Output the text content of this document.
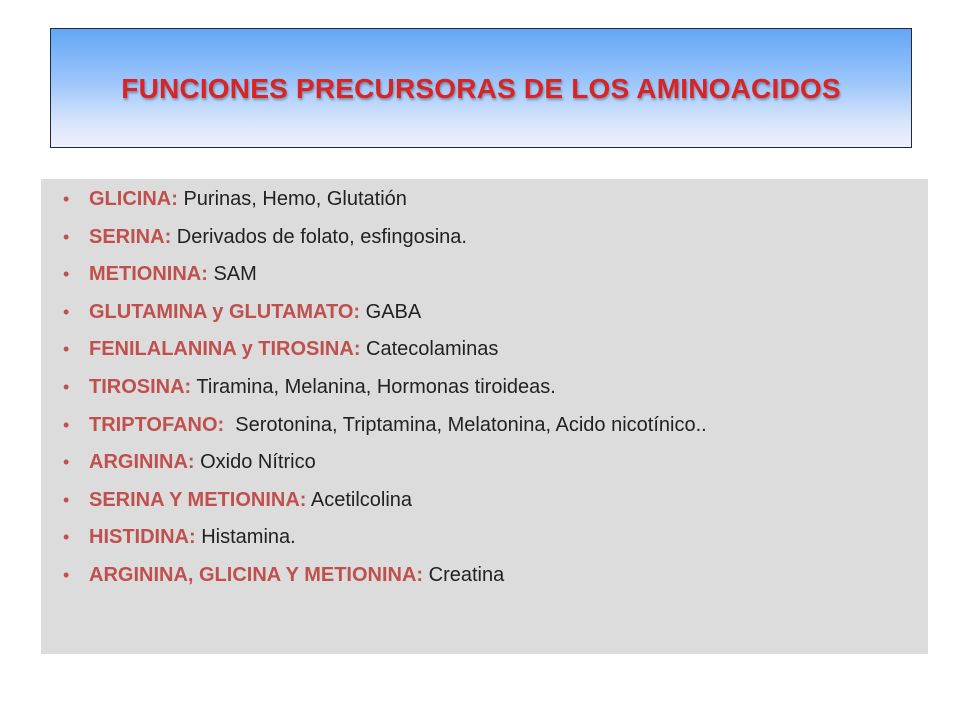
FUNCIONES PRECURSORAS DE LOS AMINOACIDOS
• GLICINA: Purinas, Hemo, Glutatión
• SERINA: Derivados de folato, esfingosina.
• METIONINA: SAM
• GLUTAMINA y GLUTAMATO: GABA
• FENILALANINA y TIROSINA: Catecolaminas
• TIROSINA: Tiramina, Melanina, Hormonas tiroideas.
• TRIPTOFANO:  Serotonina, Triptamina, Melatonina, Acido nicotínico..
• ARGININA: Oxido Nítrico
• SERINA Y METIONINA: Acetilcolina
• HISTIDINA: Histamina.
• ARGININA, GLICINA Y METIONINA: Creatina
